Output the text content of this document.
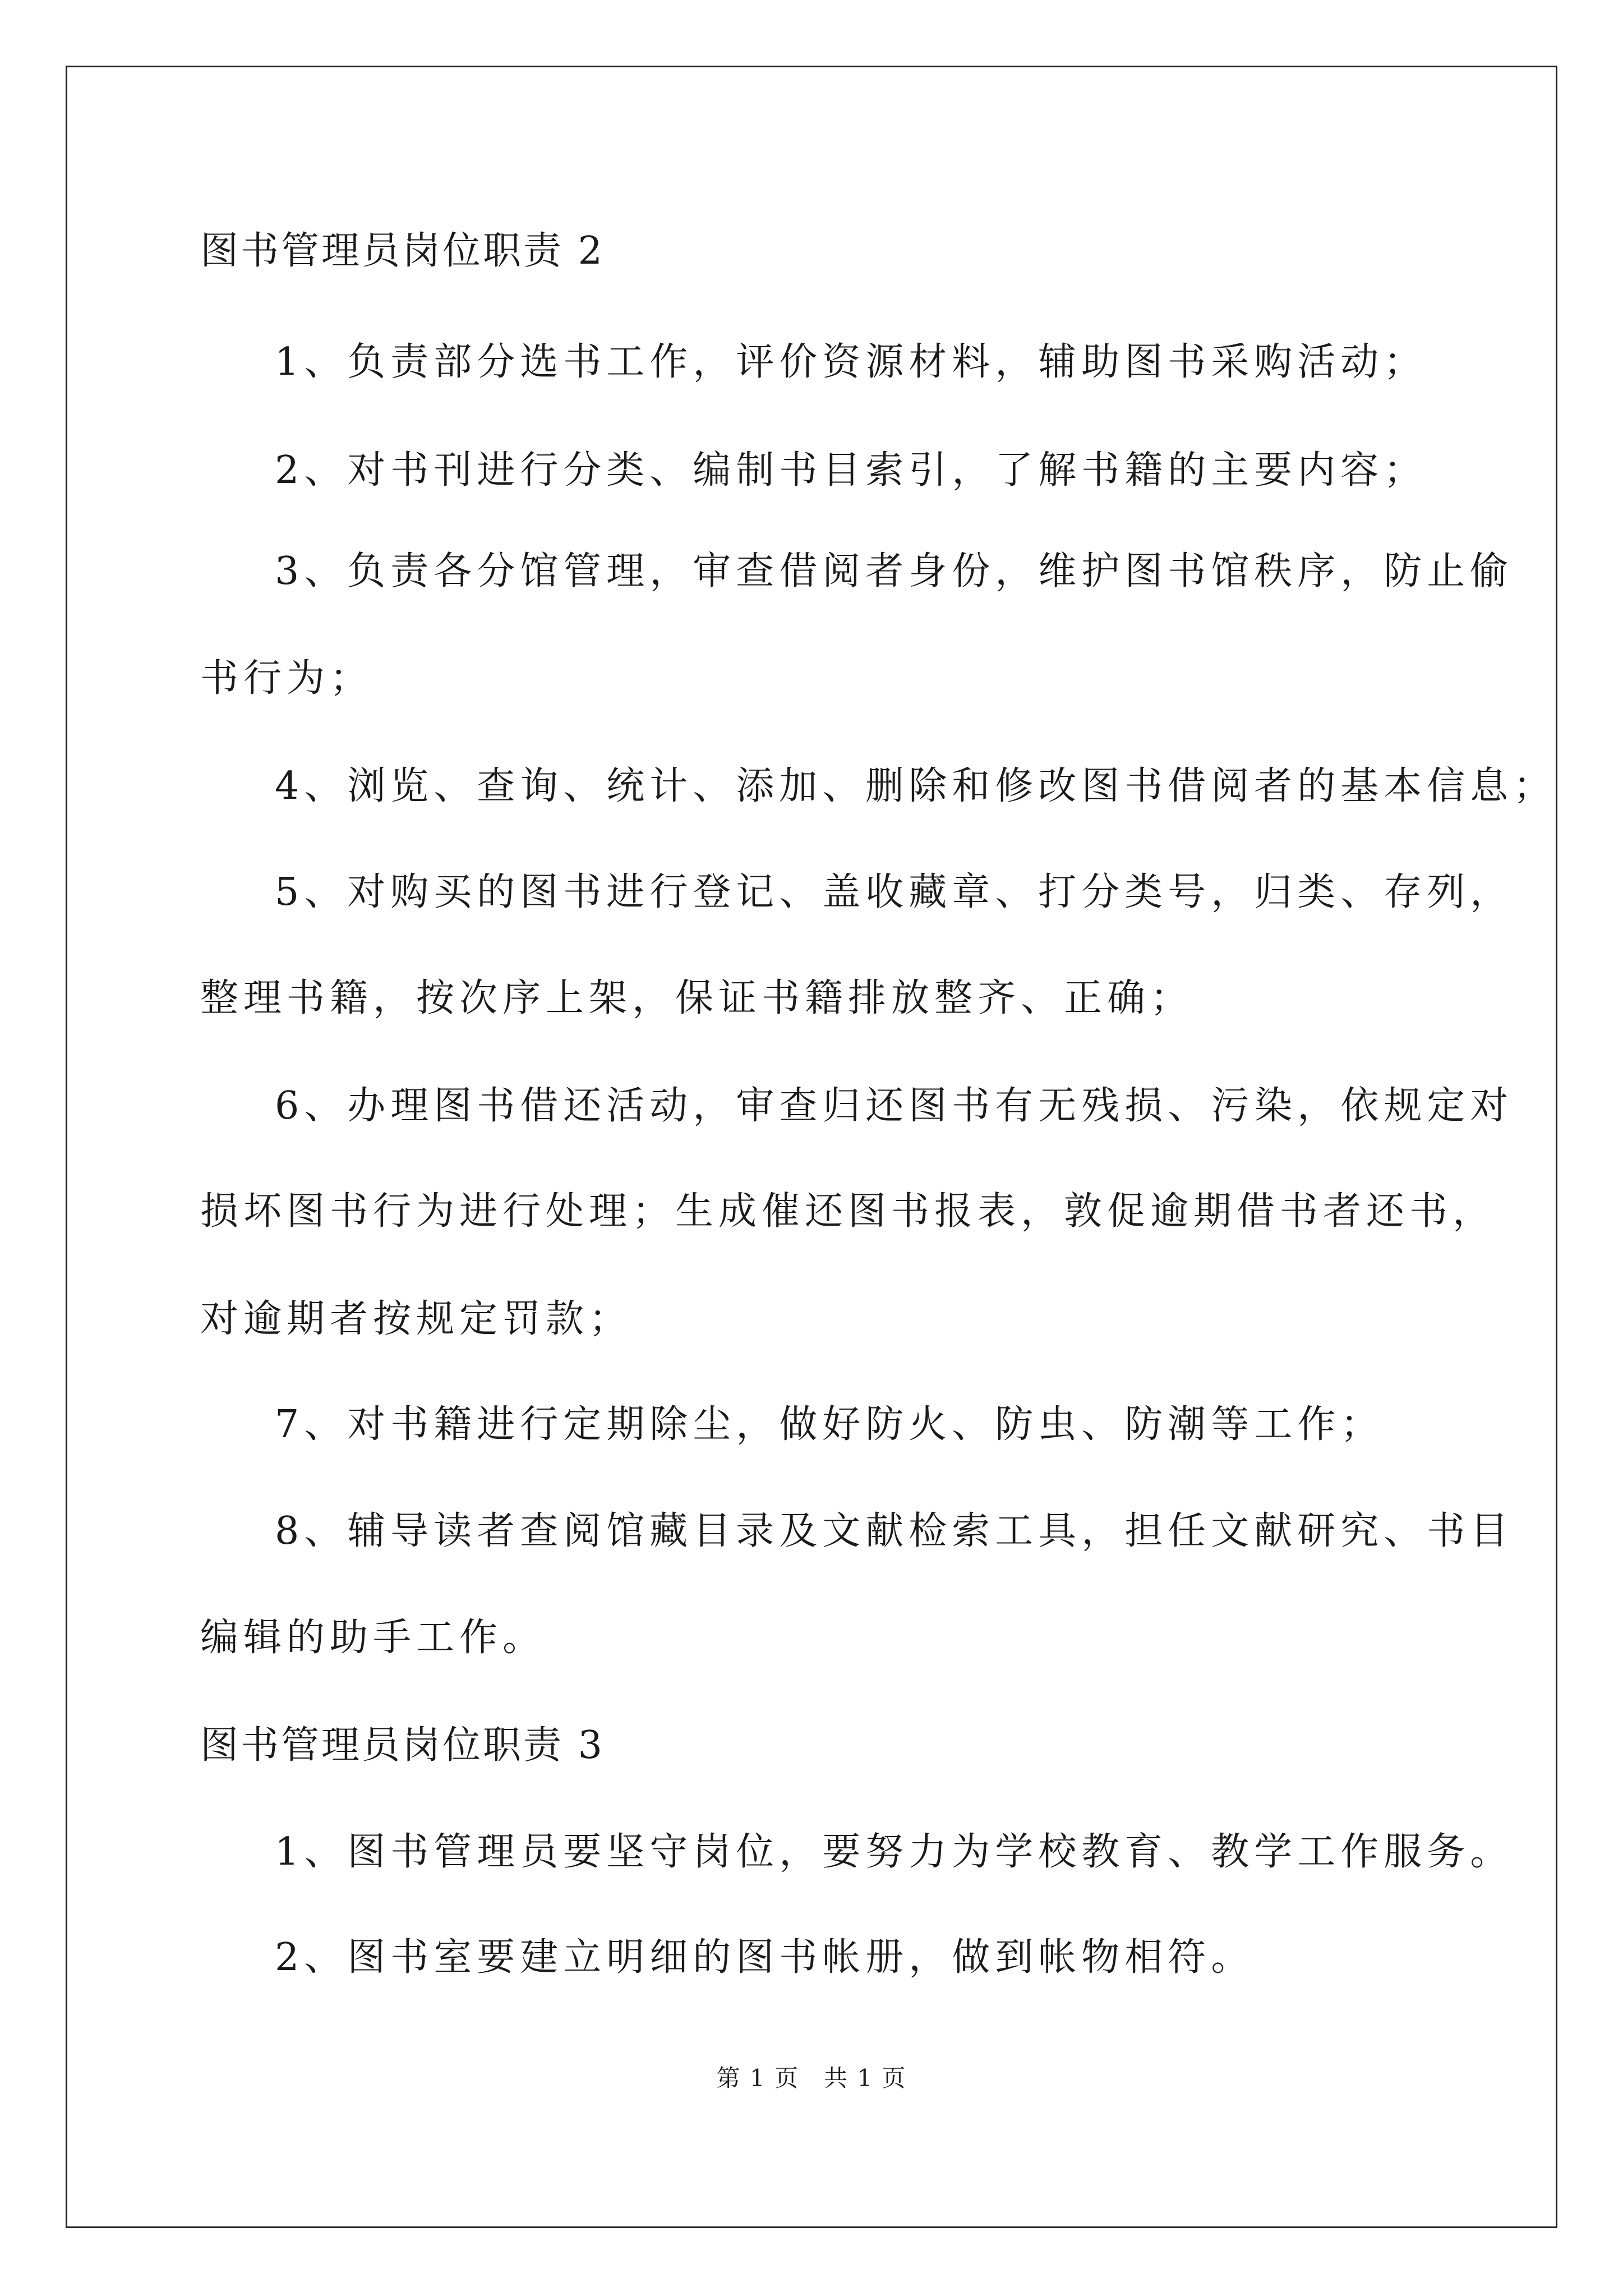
图书管理员岗位职责 2
1、负责部分选书工作，评价资源材料，辅助图书采购活动；
2、对书刊进行分类、编制书目索引，了解书籍的主要内容；
3、负责各分馆管理，审查借阅者身份，维护图书馆秩序，防止偷
书行为；
4、浏览、查询、统计、添加、删除和修改图书借阅者的基本信息；
5、对购买的图书进行登记、盖收藏章、打分类号，归类、存列，
整理书籍，按次序上架，保证书籍排放整齐、正确；
6、办理图书借还活动，审查归还图书有无残损、污染，依规定对
损坏图书行为进行处理；生成催还图书报表，敦促逾期借书者还书，
对逾期者按规定罚款；
7、对书籍进行定期除尘，做好防火、防虫、防潮等工作；
8、辅导读者查阅馆藏目录及文献检索工具，担任文献研究、书目
编辑的助手工作。
图书管理员岗位职责 3
1、图书管理员要坚守岗位，要努力为学校教育、教学工作服务。
2、图书室要建立明细的图书帐册，做到帐物相符。
第 1 页　共 1 页
